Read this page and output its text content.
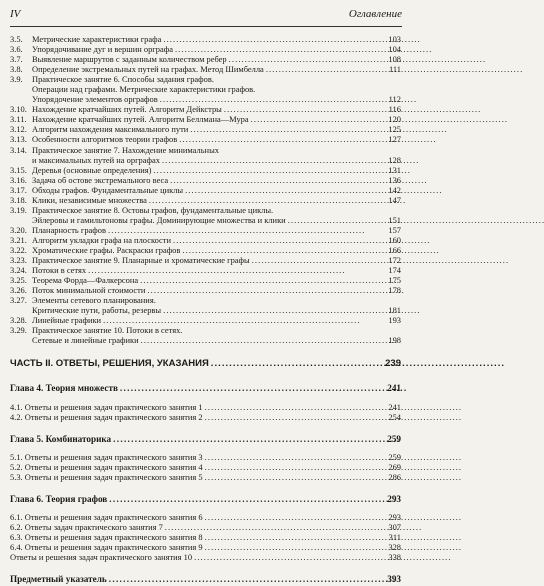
IV	Оглавление
3.5.	Метрические характеристики графа . . .	103
3.6.	Упорядочивание дуг и вершин орграфа . . .	104
3.7.	Выявление маршрутов с заданным количеством ребер . . .	108
3.8.	Определение экстремальных путей на графах. Метод Шимбелла . . .	111
3.9.	Практическое занятие 6. Способы задания графов.
Операции над графами. Метрические характеристики графов.
Упорядочение элементов орграфов . . .	112
3.10. Нахождение кратчайших путей. Алгоритм Дейкстры . . .	116
3.11. Нахождение кратчайших путей. Алгоритм Беллмана—Мура . . .	120
3.12. Алгоритм нахождения максимального пути . . .	125
3.13. Особенности алгоритмов теории графов . . .	127
3.14. Практическое занятие 7. Нахождение минимальных
и максимальных путей на орграфах . . .	128
3.15. Деревья (основные определения) . . .	131
3.16. Задача об остове экстремального веса . . .	136
3.17. Обходы графов. Фундаментальные циклы . . .	142
3.18. Клики, независимые множества . . .	147
3.19. Практическое занятие 8. Остовы графов, фундаментальные циклы.
Эйлеровы и гамильтоновы графы. Доминирующие множества и клики . . .	151
3.20. Планарность графов . . .	157
3.21. Алгоритм укладки графа на плоскости . . .	160
3.22. Хроматические графы. Раскраски графов . . .	166
3.23. Практическое занятие 9. Планарные и хроматические графы . . .	172
3.24. Потоки в сетях . . .	174
3.25. Теорема Форда—Фалкерсона . . .	175
3.26. Поток минимальной стоимости . . .	178
3.27. Элементы сетевого планирования.
Критические пути, работы, резервы . . .	181
3.28. Линейные графики . . .	193
3.29. Практическое занятие 10. Потоки в сетях.
Сетевые и линейные графики . . .	198
ЧАСТЬ II. ОТВЕТЫ, РЕШЕНИЯ, УКАЗАНИЯ . . .	239
Глава 4. Теория множеств . . .	241
4.1. Ответы и решения задач практического занятия 1 . . .	241
4.2. Ответы и решения задач практического занятия 2 . . .	254
Глава 5. Комбинаторика . . .	259
5.1. Ответы и решения задач практического занятия 3 . . .	259
5.2. Ответы и решения задач практического занятия 4 . . .	269
5.3. Ответы и решения задач практического занятия 5 . . .	286
Глава 6. Теория графов . . .	293
6.1. Ответы и решения задач практического занятия 6 . . .	293
6.2. Ответы задач практического занятия 7 . . .	307
6.3. Ответы и решения задач практического занятия 8 . . .	311
6.4. Ответы и решения задач практического занятия 9 . . .	328
Ответы и решения задач практического занятия 10 . . .	338
Предметный указатель . . .	393
